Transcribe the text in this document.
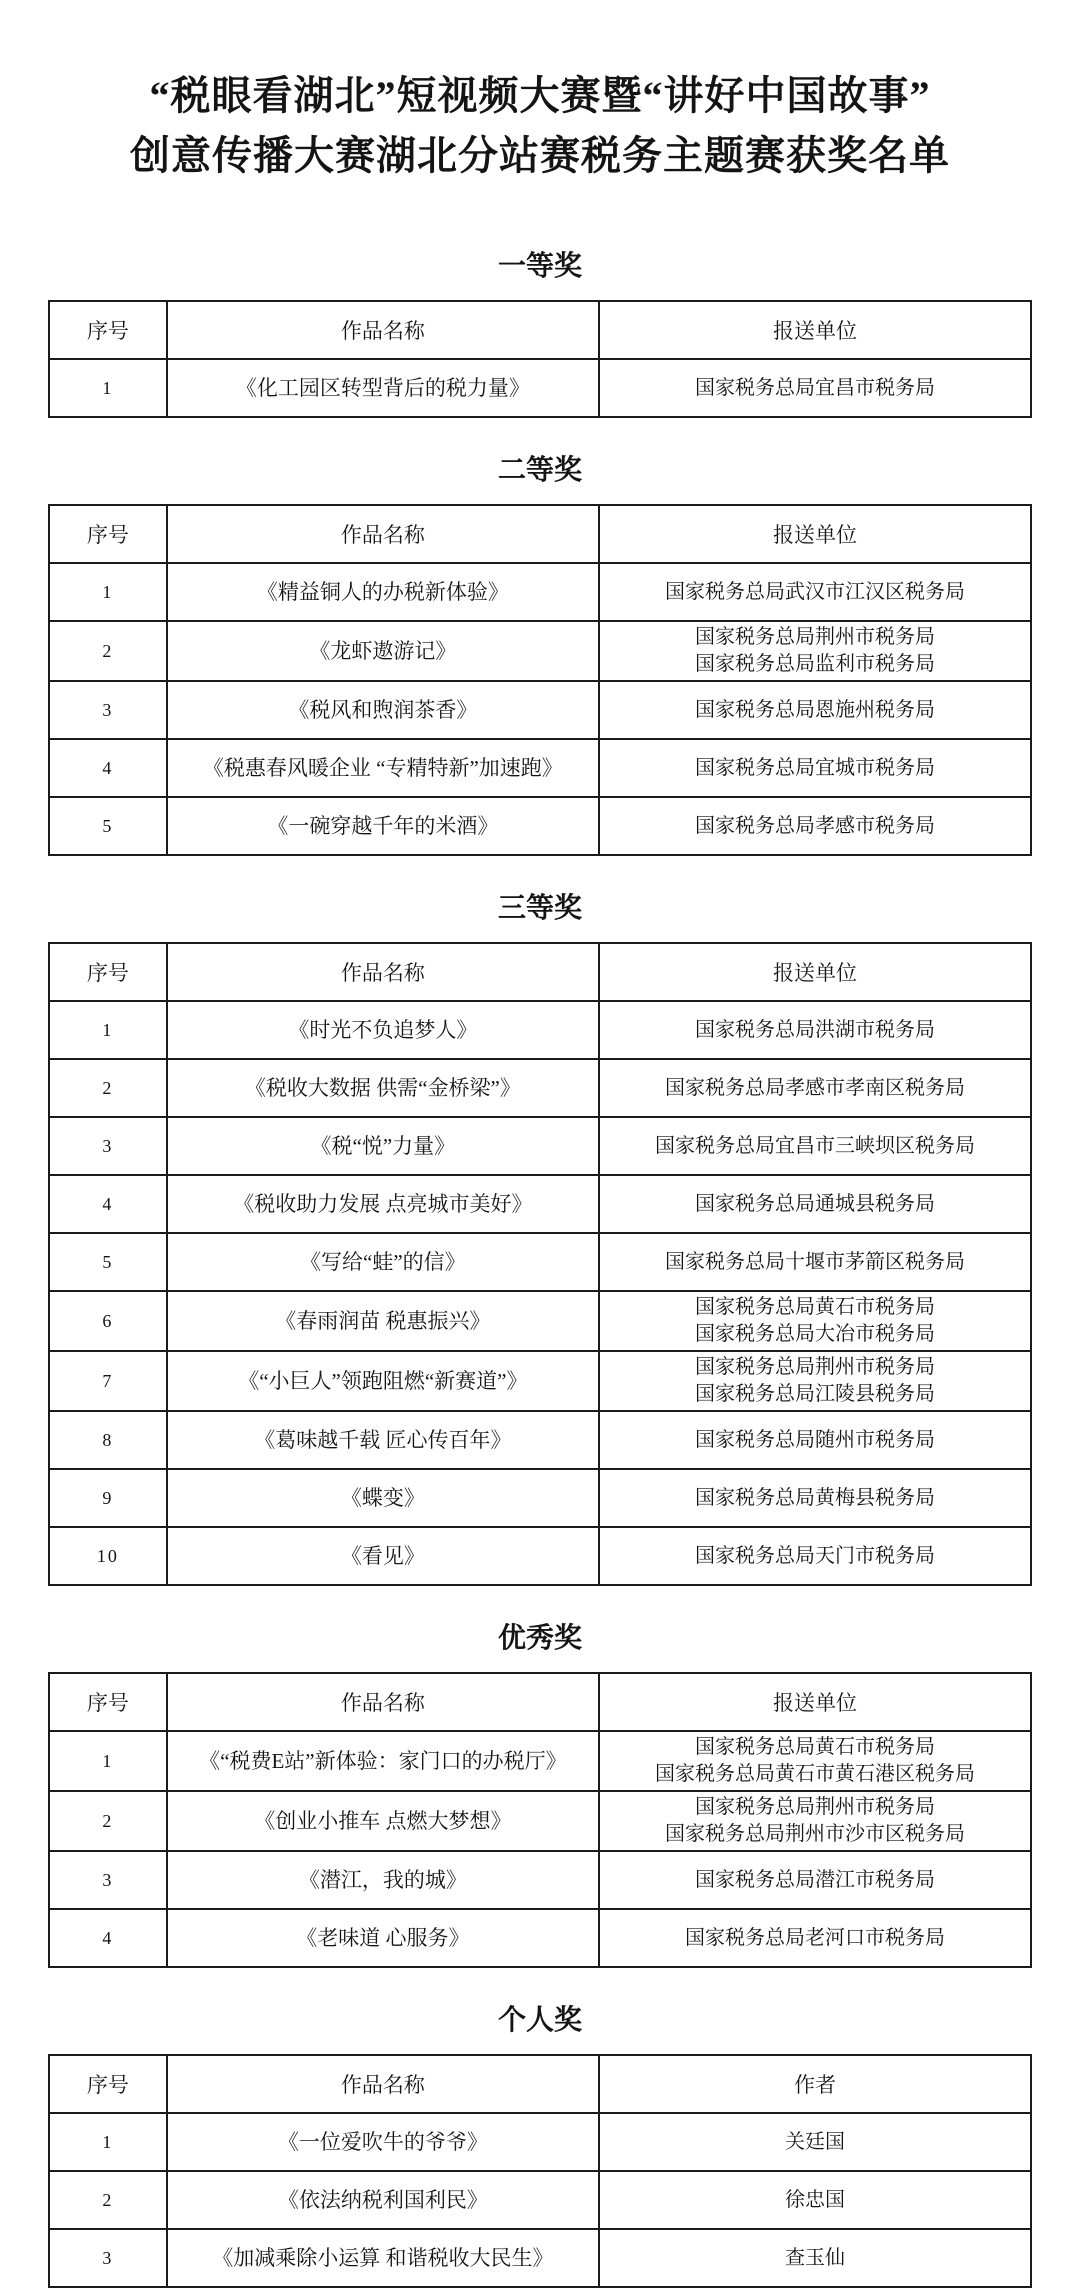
“税眼看湖北”短视频大赛暨“讲好中国故事”
创意传播大赛湖北分站赛税务主题赛获奖名单
一等奖
序号	作品名称	报送单位
1	《化工园区转型背后的税力量》	国家税务总局宜昌市税务局
二等奖
序号	作品名称	报送单位
1	《精益铜人的办税新体验》	国家税务总局武汉市江汉区税务局

2	《龙虾遨游记》	国家税务总局荆州市税务局
国家税务总局监利市税务局

3	《税风和煦润茶香》	国家税务总局恩施州税务局

4	《税惠春风暖企业 “专精特新”加速跑》	国家税务总局宜城市税务局

5	《一碗穿越千年的米酒》	国家税务总局孝感市税务局
三等奖
序号	作品名称	报送单位
1	《时光不负追梦人》	国家税务总局洪湖市税务局

2	《税收大数据 供需“金桥梁”》	国家税务总局孝感市孝南区税务局

3	《税“悦”力量》	国家税务总局宜昌市三峡坝区税务局

4	《税收助力发展 点亮城市美好》	国家税务总局通城县税务局

5	《写给“蛙”的信》	国家税务总局十堰市茅箭区税务局

6	《春雨润苗 税惠振兴》	国家税务总局黄石市税务局
国家税务总局大冶市税务局

7	《“小巨人”领跑阻燃“新赛道”》	国家税务总局荆州市税务局
国家税务总局江陵县税务局

8	《葛味越千载 匠心传百年》	国家税务总局随州市税务局

9	《蝶变》	国家税务总局黄梅县税务局

10	《看见》	国家税务总局天门市税务局
优秀奖
序号	作品名称	报送单位
1	《“税费E站”新体验：家门口的办税厅》	国家税务总局黄石市税务局
国家税务总局黄石市黄石港区税务局

2	《创业小推车 点燃大梦想》	国家税务总局荆州市税务局
国家税务总局荆州市沙市区税务局

3	《潜江，我的城》	国家税务总局潜江市税务局

4	《老味道 心服务》	国家税务总局老河口市税务局
个人奖
序号	作品名称	作者
1	《一位爱吹牛的爷爷》	关廷国

2	《依法纳税利国利民》	徐忠国

3	《加减乘除小运算 和谐税收大民生》	查玉仙
